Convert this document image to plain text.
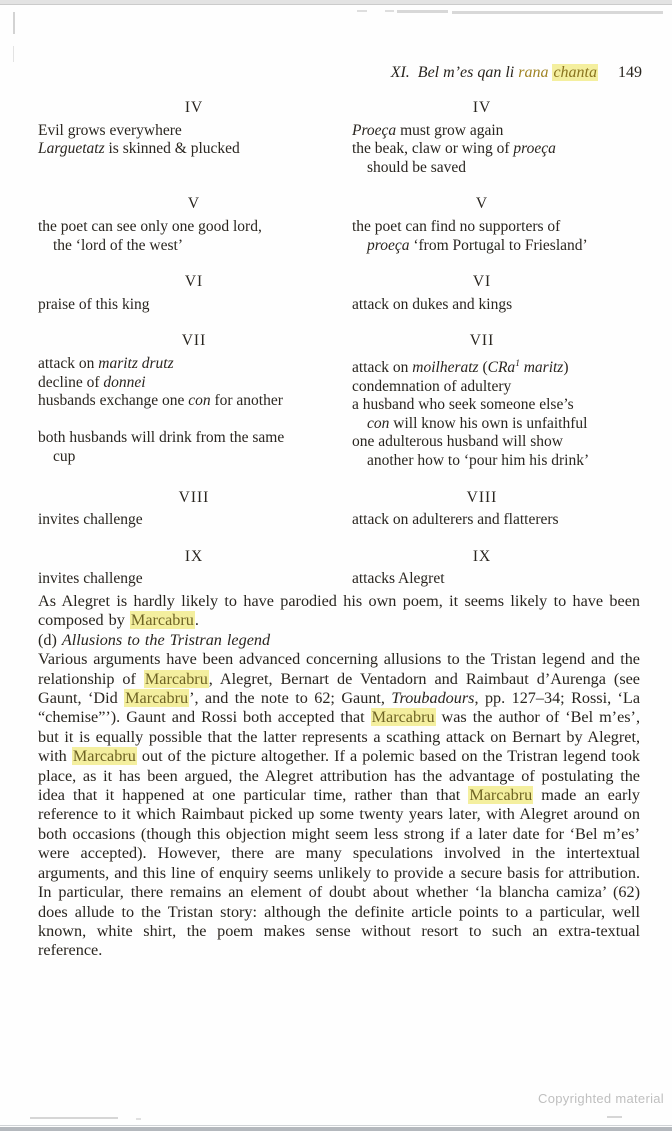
XI. Bel m’es qan li rana chanta 149
IV
Evil grows everywhere
Larguetatz is skinned & plucked
IV
Proeça must grow again
the beak, claw or wing of proeça
should be saved
V
the poet can see only one good lord,
the ‘lord of the west’
V
the poet can find no supporters of
proeça ‘from Portugal to Friesland’
VI
praise of this king
VI
attack on dukes and kings
VII
attack on maritz drutz
decline of donnei
husbands exchange one con for another

both husbands will drink from the same
cup
VII
attack on moilheratz (CRa$^1$ maritz)
condemnation of adultery
a husband who seek someone else’s
con will know his own is unfaithful
one adulterous husband will show
another how to ‘pour him his drink’
VIII
invites challenge
VIII
attack on adulterers and flatterers
IX
invites challenge
IX
attacks Alegret

As Alegret is hardly likely to have parodied his own poem, it seems likely to have been composed by Marcabru.

(d) Allusions to the Tristran legend

Various arguments have been advanced concerning allusions to the Tristan legend and the relationship of Marcabru, Alegret, Bernart de Ventadorn and Raimbaut d’Aurenga (see Gaunt, ‘Did Marcabru’, and the note to 62; Gaunt, Troubadours, pp. 127–34; Rossi, ‘La “chemise”’). Gaunt and Rossi both accepted that Marcabru was the author of ‘Bel m’es’, but it is equally possible that the latter represents a scathing attack on Bernart by Alegret, with Marcabru out of the picture altogether. If a polemic based on the Tristran legend took place, as it has been argued, the Alegret attribution has the advantage of postulating the idea that it happened at one particular time, rather than that Marcabru made an early reference to it which Raimbaut picked up some twenty years later, with Alegret around on both occasions (though this objection might seem less strong if a later date for ‘Bel m’es’ were accepted). However, there are many speculations involved in the intertextual arguments, and this line of enquiry seems unlikely to provide a secure basis for attribution. In particular, there remains an element of doubt about whether ‘la blancha camiza’ (62) does allude to the Tristan story: although the definite article points to a particular, well known, white shirt, the poem makes sense without resort to such an extra-textual reference.

Copyrighted material
